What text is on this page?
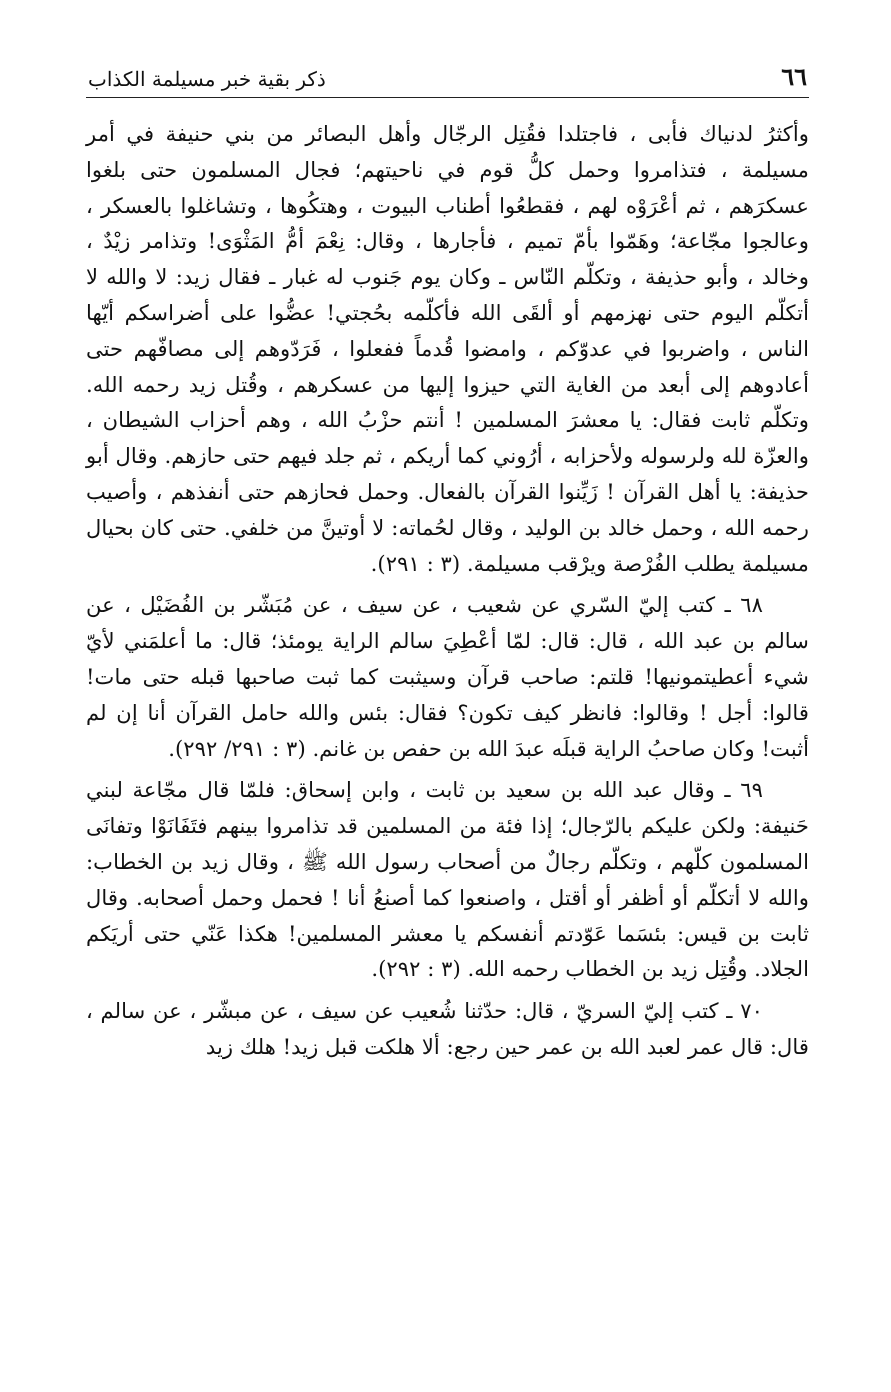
٦٦
ذكر بقية خبر مسيلمة الكذاب

وأكثرُ لدنياك فأبى ، فاجتلدا فقُتِل الرجّال وأهل البصائر من بني حنيفة في أمر مسيلمة ، فتذامروا وحمل كلُّ قوم في ناحيتهم؛ فجال المسلمون حتى بلغوا عسكرَهم ، ثم أعْرَوْه لهم ، فقطعُوا أطناب البيوت ، وهتكُوها ، وتشاغلوا بالعسكر ، وعالجوا مجّاعة؛ وهَمّوا بأمّ تميم ، فأجارها ، وقال: نِعْمَ أمُّ المَثْوَى! وتذامر زيْدٌ ، وخالد ، وأبو حذيفة ، وتكلّم النّاس ـ وكان يوم جَنوب له غبار ـ فقال زيد: لا والله لا أتكلّم اليوم حتى نهزمهم أو ألقَى الله فأكلّمه بحُجتي! عضُّوا على أضراسكم أيّها الناس ، واضربوا في عدوّكم ، وامضوا قُدماً ففعلوا ، فَرَدّوهم إلى مصافّهم حتى أعادوهم إلى أبعد من الغاية التي حيزوا إليها من عسكرهم ، وقُتل زيد رحمه الله. وتكلّم ثابت فقال: يا معشرَ المسلمين ! أنتم حزْبُ الله ، وهم أحزاب الشيطان ، والعزّة لله ولرسوله ولأحزابه ، أرُوني كما أريكم ، ثم جلد فيهم حتى حازهم. وقال أبو حذيفة: يا أهل القرآن ! زَيِّنوا القرآن بالفعال. وحمل فحازهم حتى أنفذهم ، وأصيب رحمه الله ، وحمل خالد بن الوليد ، وقال لحُماته: لا أوتينَّ من خلفي. حتى كان بحيال مسيلمة يطلب الفُرْصة ويرْقب مسيلمة. (٣ : ٢٩١).

٦٨ ـ كتب إليّ السّري عن شعيب ، عن سيف ، عن مُبَشّر بن الفُضَيْل ، عن سالم بن عبد الله ، قال: قال: لمّا أعْطِيَ سالم الراية يومئذ؛ قال: ما أعلمَني لأيّ شيء أعطيتمونيها! قلتم: صاحب قرآن وسيثبت كما ثبت صاحبها قبله حتى مات! قالوا: أجل ! وقالوا: فانظر كيف تكون؟ فقال: بئس والله حامل القرآن أنا إن لم أثبت! وكان صاحبُ الراية قبلَه عبدَ الله بن حفص بن غانم. (٣ : ٢٩١/ ٢٩٢).

٦٩ ـ وقال عبد الله بن سعيد بن ثابت ، وابن إسحاق: فلمّا قال مجّاعة لبني حَنيفة: ولكن عليكم بالرّجال؛ إذا فئة من المسلمين قد تذامروا بينهم فتَفَانَوْا وتفانَى المسلمون كلّهم ، وتكلّم رجالٌ من أصحاب رسول الله ﷺ ، وقال زيد بن الخطاب: والله لا أتكلّم أو أظفر أو أقتل ، واصنعوا كما أصنعُ أنا ! فحمل وحمل أصحابه. وقال ثابت بن قيس: بئسَما عَوّدتم أنفسكم يا معشر المسلمين! هكذا عَنّي حتى أريَكم الجلاد. وقُتِل زيد بن الخطاب رحمه الله. (٣ : ٢٩٢).

٧٠ ـ كتب إليّ السريّ ، قال: حدّثنا شُعيب عن سيف ، عن مبشّر ، عن سالم ، قال: قال عمر لعبد الله بن عمر حين رجع: ألا هلكت قبل زيد! هلك زيد
